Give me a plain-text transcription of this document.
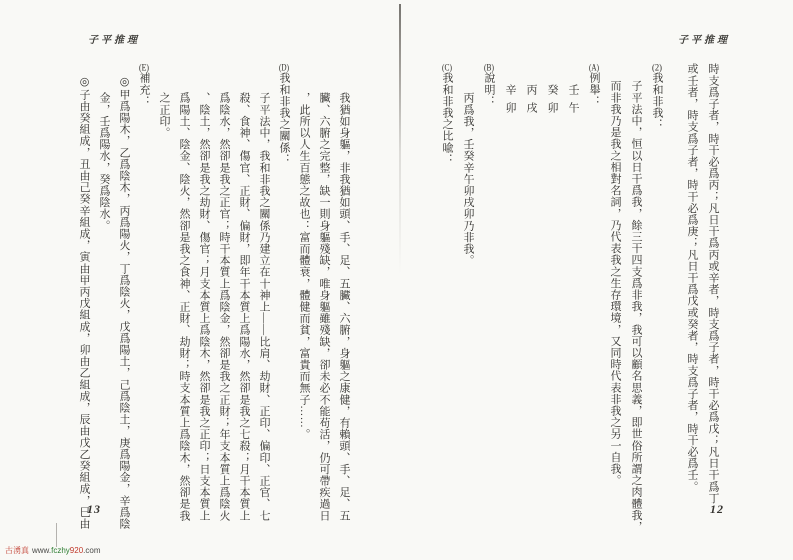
子平推理	子平推理
時支爲子者，時干必爲丙；凡日干爲丙或辛者，時支爲子者，時干必爲戊；凡日干爲丁
或壬者，時支爲子者，時干必爲庚；凡日干爲戊或癸者，時支爲子者，時干必爲壬。
(2)我和非我：
子平法中，恒以日干爲我，餘三干四支爲非我，我可以顧名思義，即世俗所謂之肉體我，
而非我乃是我之相對名詞，乃代表我之生存環境，又同時代表非我之另一自我。
(A)例舉：
壬午
癸卯
丙戌
辛卯
(B)說明：
丙爲我，壬癸辛午卯戌卯乃非我。
(C)我和非我之比喩：
我猶如身軀，非我猶如頭、手、足、五臟、六腑，身軀之康健，有賴頭、手、足、五
臟、六腑之完整，缺一則身軀殘缺，唯身軀雖殘缺，卻未必不能苟活，仍可帶疾過日
，此所以人生百態之故也：富而體衰，體健而貧，富貴而無子……。
(D)我和非我之關係：
子平法中，我和非我之關係乃建立在十神上——比肩、劫財、正印、偏印、正官、七
殺、食神、傷官、正財、偏財，即年干本質上爲陽水，然卻是我之七殺；月干本質上
爲陰水，然卻是我之正官；時干本質上爲陰金，然卻是我之正財；年支本質上爲陰火
、陰土，然卻是我之劫財、傷官；月支本質上爲陰木，然卻是我之正印；日支本質上
爲陽土、陰金、陰火，然卻是我之食神、正財、劫財；時支本質上爲陰木，然卻是我
之正印。
(E)補充：
◎甲爲陽木，乙爲陰木，丙爲陽火，丁爲陰火，戊爲陽土，己爲陰土，庚爲陽金，辛爲陰
金，壬爲陽水，癸爲陰水。
◎子由癸組成，丑由己癸辛組成，寅由甲丙戊組成，卯由乙組成，辰由戊乙癸組成，巳由
13	12
古湧真 www.fczhy920.com
